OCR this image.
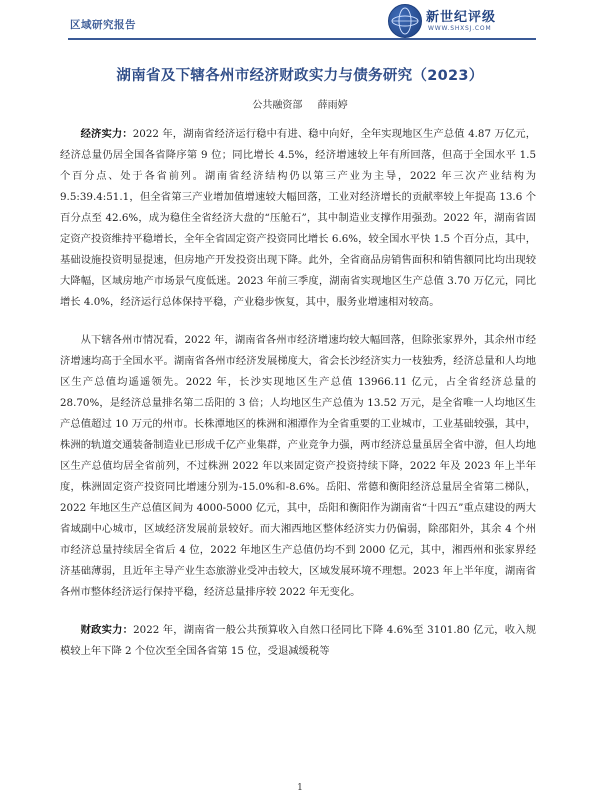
区域研究报告	新世纪评级
WWW.SHXSJ.COM
湖南省及下辖各州市经济财政实力与债务研究（2023）
公共融资部 薛雨婷

经济实力：2022 年，湖南省经济运行稳中有进、稳中向好，全年实现地区生产总值 4.87 万亿元，经济总量仍居全国各省降序第 9 位；同比增长 4.5%，经济增速较上年有所回落，但高于全国水平 1.5 个百分点、处于各省前列。湖南省经济结构仍以第三产业为主导，2022 年三次产业结构为 9.5:39.4:51.1，但全省第三产业增加值增速较大幅回落，工业对经济增长的贡献率较上年提高 13.6 个百分点至 42.6%，成为稳住全省经济大盘的“压舱石”，其中制造业支撑作用强劲。2022 年，湖南省固定资产投资维持平稳增长，全年全省固定资产投资同比增长 6.6%，较全国水平快 1.5 个百分点，其中，基础设施投资明显提速，但房地产开发投资出现下降。此外，全省商品房销售面积和销售额同比均出现较大降幅，区域房地产市场景气度低迷。2023 年前三季度，湖南省实现地区生产总值 3.70 万亿元，同比增长 4.0%，经济运行总体保持平稳，产业稳步恢复，其中，服务业增速相对较高。

从下辖各州市情况看，2022 年，湖南省各州市经济增速均较大幅回落，但除张家界外，其余州市经济增速均高于全国水平。湖南省各州市经济发展梯度大，省会长沙经济实力一枝独秀，经济总量和人均地区生产总值均遥遥领先。2022 年，长沙实现地区生产总值 13966.11 亿元，占全省经济总量的 28.70%，是经济总量排名第二岳阳的 3 倍；人均地区生产总值为 13.52 万元，是全省唯一人均地区生产总值超过 10 万元的州市。长株潭地区的株洲和湘潭作为全省重要的工业城市，工业基础较强，其中，株洲的轨道交通装备制造业已形成千亿产业集群，产业竞争力强，两市经济总量虽居全省中游，但人均地区生产总值均居全省前列，不过株洲 2022 年以来固定资产投资持续下降，2022 年及 2023 年上半年度，株洲固定资产投资同比增速分别为-15.0%和-8.6%。岳阳、常德和衡阳经济总量居全省第二梯队，2022 年地区生产总值区间为 4000-5000 亿元，其中，岳阳和衡阳作为湖南省“十四五”重点建设的两大省域副中心城市，区域经济发展前景较好。而大湘西地区整体经济实力仍偏弱，除邵阳外，其余 4 个州市经济总量持续居全省后 4 位，2022 年地区生产总值仍均不到 2000 亿元，其中，湘西州和张家界经济基础薄弱，且近年主导产业生态旅游业受冲击较大，区域发展环境不理想。2023 年上半年度，湖南省各州市整体经济运行保持平稳，经济总量排序较 2022 年无变化。

财政实力：2022 年，湖南省一般公共预算收入自然口径同比下降 4.6%至 3101.80 亿元，收入规模较上年下降 2 个位次至全国各省第 15 位，受退减缓税等

1
